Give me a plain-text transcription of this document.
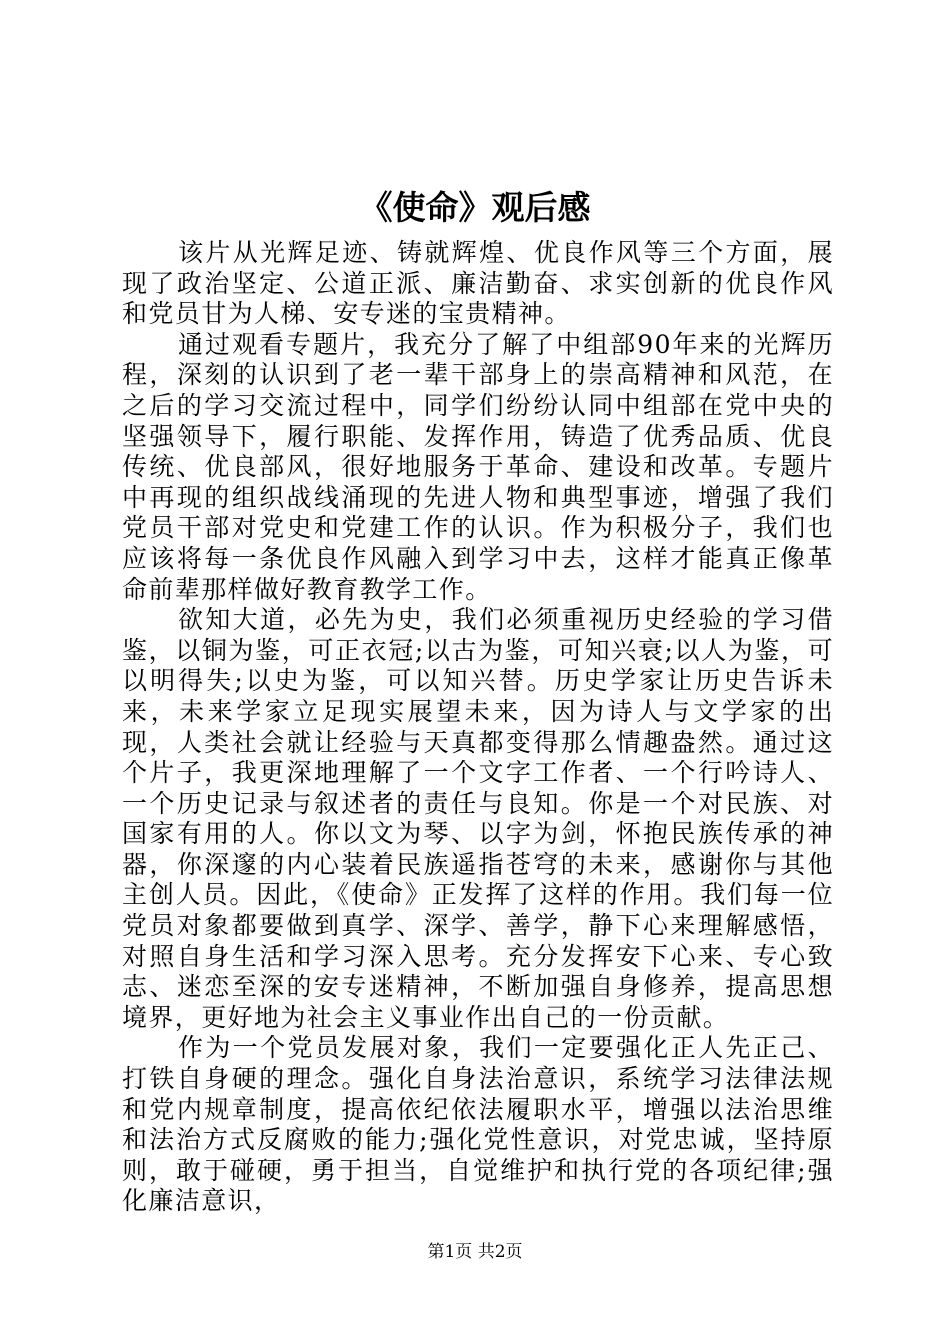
《使命》观后感

该片从光辉足迹、铸就辉煌、优良作风等三个方面，展现了政治坚定、公道正派、廉洁勤奋、求实创新的优良作风和党员甘为人梯、安专迷的宝贵精神。

通过观看专题片，我充分了解了中组部90年来的光辉历程，深刻的认识到了老一辈干部身上的崇高精神和风范，在之后的学习交流过程中，同学们纷纷认同中组部在党中央的坚强领导下，履行职能、发挥作用，铸造了优秀品质、优良传统、优良部风，很好地服务于革命、建设和改革。专题片中再现的组织战线涌现的先进人物和典型事迹，增强了我们党员干部对党史和党建工作的认识。作为积极分子，我们也应该将每一条优良作风融入到学习中去，这样才能真正像革命前辈那样做好教育教学工作。

欲知大道，必先为史，我们必须重视历史经验的学习借鉴，以铜为鉴，可正衣冠;以古为鉴，可知兴衰;以人为鉴，可以明得失;以史为鉴，可以知兴替。历史学家让历史告诉未来，未来学家立足现实展望未来，因为诗人与文学家的出现，人类社会就让经验与天真都变得那么情趣盎然。通过这个片子，我更深地理解了一个文字工作者、一个行吟诗人、一个历史记录与叙述者的责任与良知。你是一个对民族、对国家有用的人。你以文为琴、以字为剑，怀抱民族传承的神器，你深邃的内心装着民族遥指苍穹的未来，感谢你与其他主创人员。因此，《使命》正发挥了这样的作用。我们每一位党员对象都要做到真学、深学、善学，静下心来理解感悟，对照自身生活和学习深入思考。充分发挥安下心来、专心致志、迷恋至深的安专迷精神，不断加强自身修养，提高思想境界，更好地为社会主义事业作出自己的一份贡献。

作为一个党员发展对象，我们一定要强化正人先正己、打铁自身硬的理念。强化自身法治意识，系统学习法律法规和党内规章制度，提高依纪依法履职水平，增强以法治思维和法治方式反腐败的能力;强化党性意识，对党忠诚，坚持原则，敢于碰硬，勇于担当，自觉维护和执行党的各项纪律;强化廉洁意识，

第1页 共2页
